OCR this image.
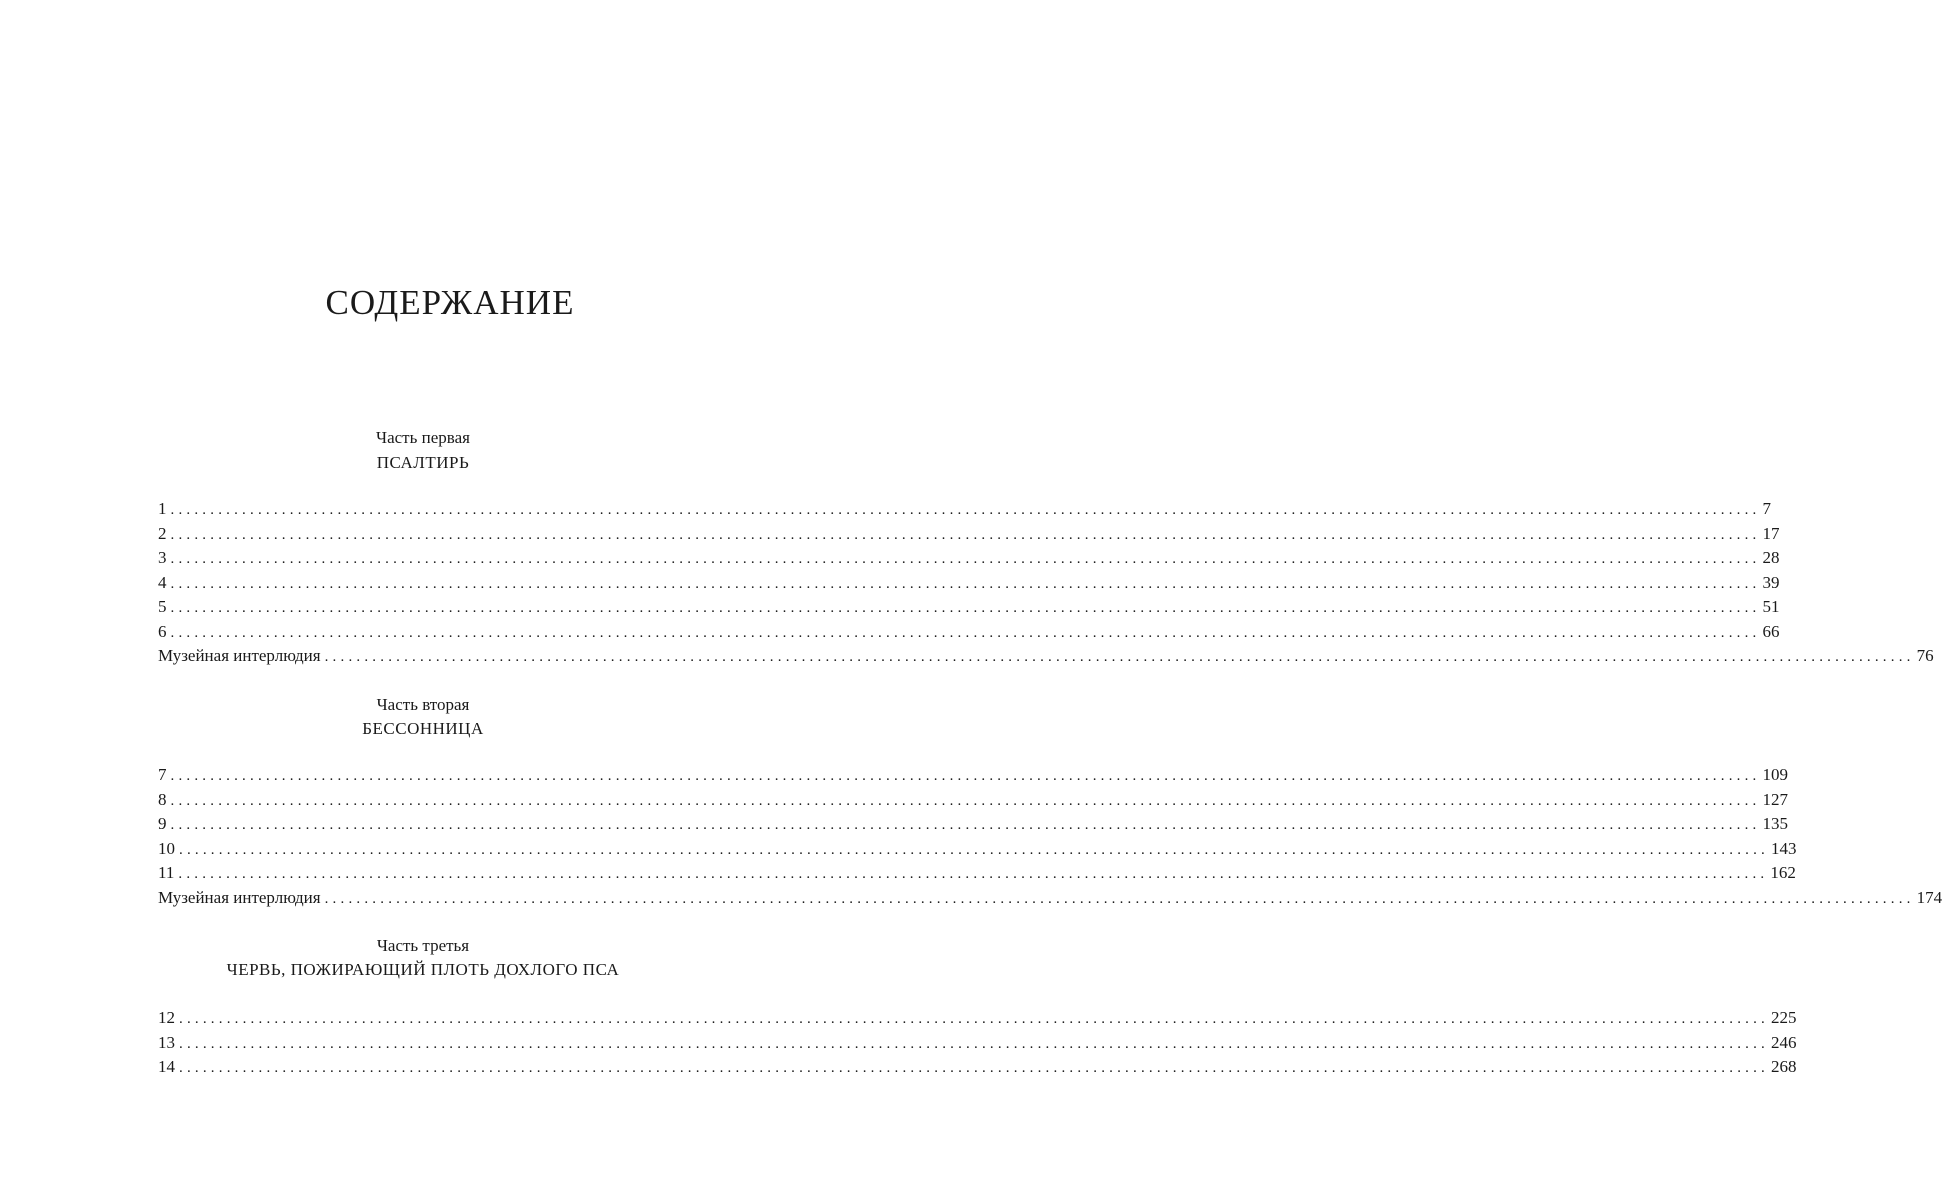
СОДЕРЖАНИЕ
Часть первая
ПСАЛТИРЬ
1 ........................................................................................................................................................................................................ 7
2 ........................................................................................................................................................................................................ 17
3 ........................................................................................................................................................................................................ 28
4 ........................................................................................................................................................................................................ 39
5 ........................................................................................................................................................................................................ 51
6 ........................................................................................................................................................................................................ 66
Музейная интерлюдия ........................................................................................................................................................................................................ 76
Часть вторая
БЕССОННИЦА
7 ........................................................................................................................................................................................................ 109
8 ........................................................................................................................................................................................................ 127
9 ........................................................................................................................................................................................................ 135
10 ........................................................................................................................................................................................................ 143
11 ........................................................................................................................................................................................................ 162
Музейная интерлюдия ........................................................................................................................................................................................................ 174
Часть третья
ЧЕРВЬ, ПОЖИРАЮЩИЙ ПЛОТЬ ДОХЛОГО ПСА
12 ........................................................................................................................................................................................................ 225
13 ........................................................................................................................................................................................................ 246
14 ........................................................................................................................................................................................................ 268
